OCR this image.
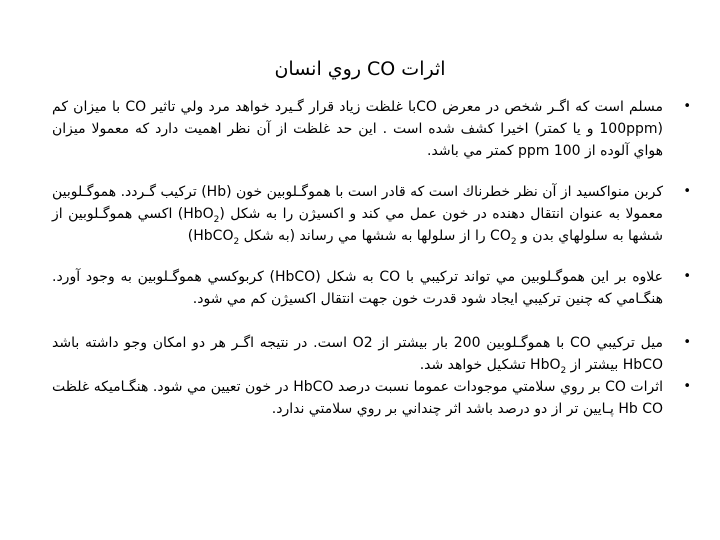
اثرات CO روي انسان

• مسلم است كه اگـر شخص در معرض COبا غلظت زياد قرار گـيرد خواهد مرد ولي تاثير CO با ميزان كم (100ppm و يا كمتر) اخيرا كشف شده است . اين حد غلظت از آن نظر اهميت دارد كه معمولا ميزان هواي آلوده از 100 ppm كمتر مي باشد.

• كربن منواكسيد از آن نظر خطرناك است كه قادر است با هموگـلوبين خون (Hb) تركيب گـردد. هموگـلوبين معمولا به عنوان انتقال دهنده در خون عمل مي كند و اكسيژن را به شكل (HbO$_2$) اكسي هموگـلوبين از ششها به سلولهاي بدن و $CO_2$ را از سلولها به ششها مي رساند (به شكل HbCO$_2$)

• علاوه بر اين هموگـلوبين مي تواند تركيبي با CO به شكل (HbCO) كربوكسي هموگـلوبين به وجود آورد. هنگـامي كه چنين تركيبي ايجاد شود قدرت خون جهت انتقال اكسيژن كم مي شود.

• ميل تركيبي CO با هموگـلوبين 200 بار بيشتر از O2 است. در نتيجه اگـر هر دو امكان وجو داشته باشد HbCO بيشتر از HbO$_2$ تشكيل خواهد شد.

• اثرات CO بر روي سلامتي موجودات عموما نسبت درصد HbCO در خون تعيين مي شود. هنگـاميكه غلظت Hb CO پـايين تر از دو درصد باشد اثر چنداني بر روي سلامتي ندارد.
